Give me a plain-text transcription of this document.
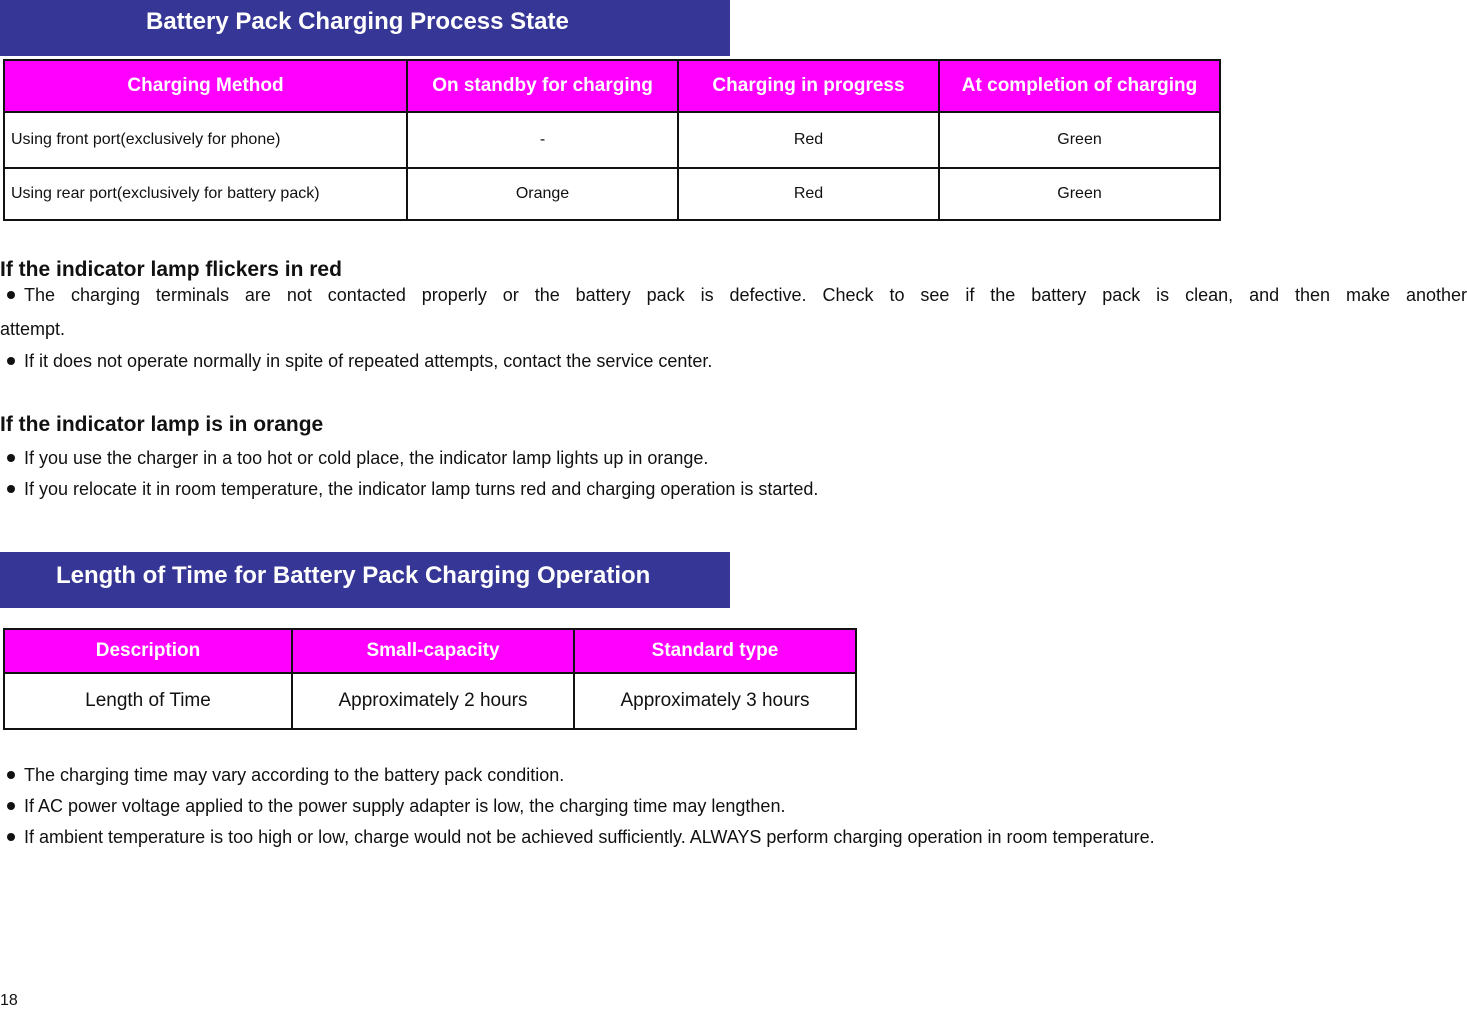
Battery Pack Charging Process State
Charging Method	On standby for charging	Charging in progress	At completion of charging
Using front port(exclusively for phone)	-	Red	Green
Using rear port(exclusively for battery pack)	Orange	Red	Green

If the indicator lamp flickers in red

The charging terminals are not contacted properly or the battery pack is defective. Check to see if the battery pack is clean, and then make another
attempt.
If it does not operate normally in spite of repeated attempts, contact the service center.

If the indicator lamp is in orange

If you use the charger in a too hot or cold place, the indicator lamp lights up in orange.
If you relocate it in room temperature, the indicator lamp turns red and charging operation is started.
Length of Time for Battery Pack Charging Operation
Description	Small-capacity	Standard type
Length of Time	Approximately 2 hours	Approximately 3 hours
The charging time may vary according to the battery pack condition.
If AC power voltage applied to the power supply adapter is low, the charging time may lengthen.
If ambient temperature is too high or low, charge would not be achieved sufficiently. ALWAYS perform charging operation in room temperature.
18
